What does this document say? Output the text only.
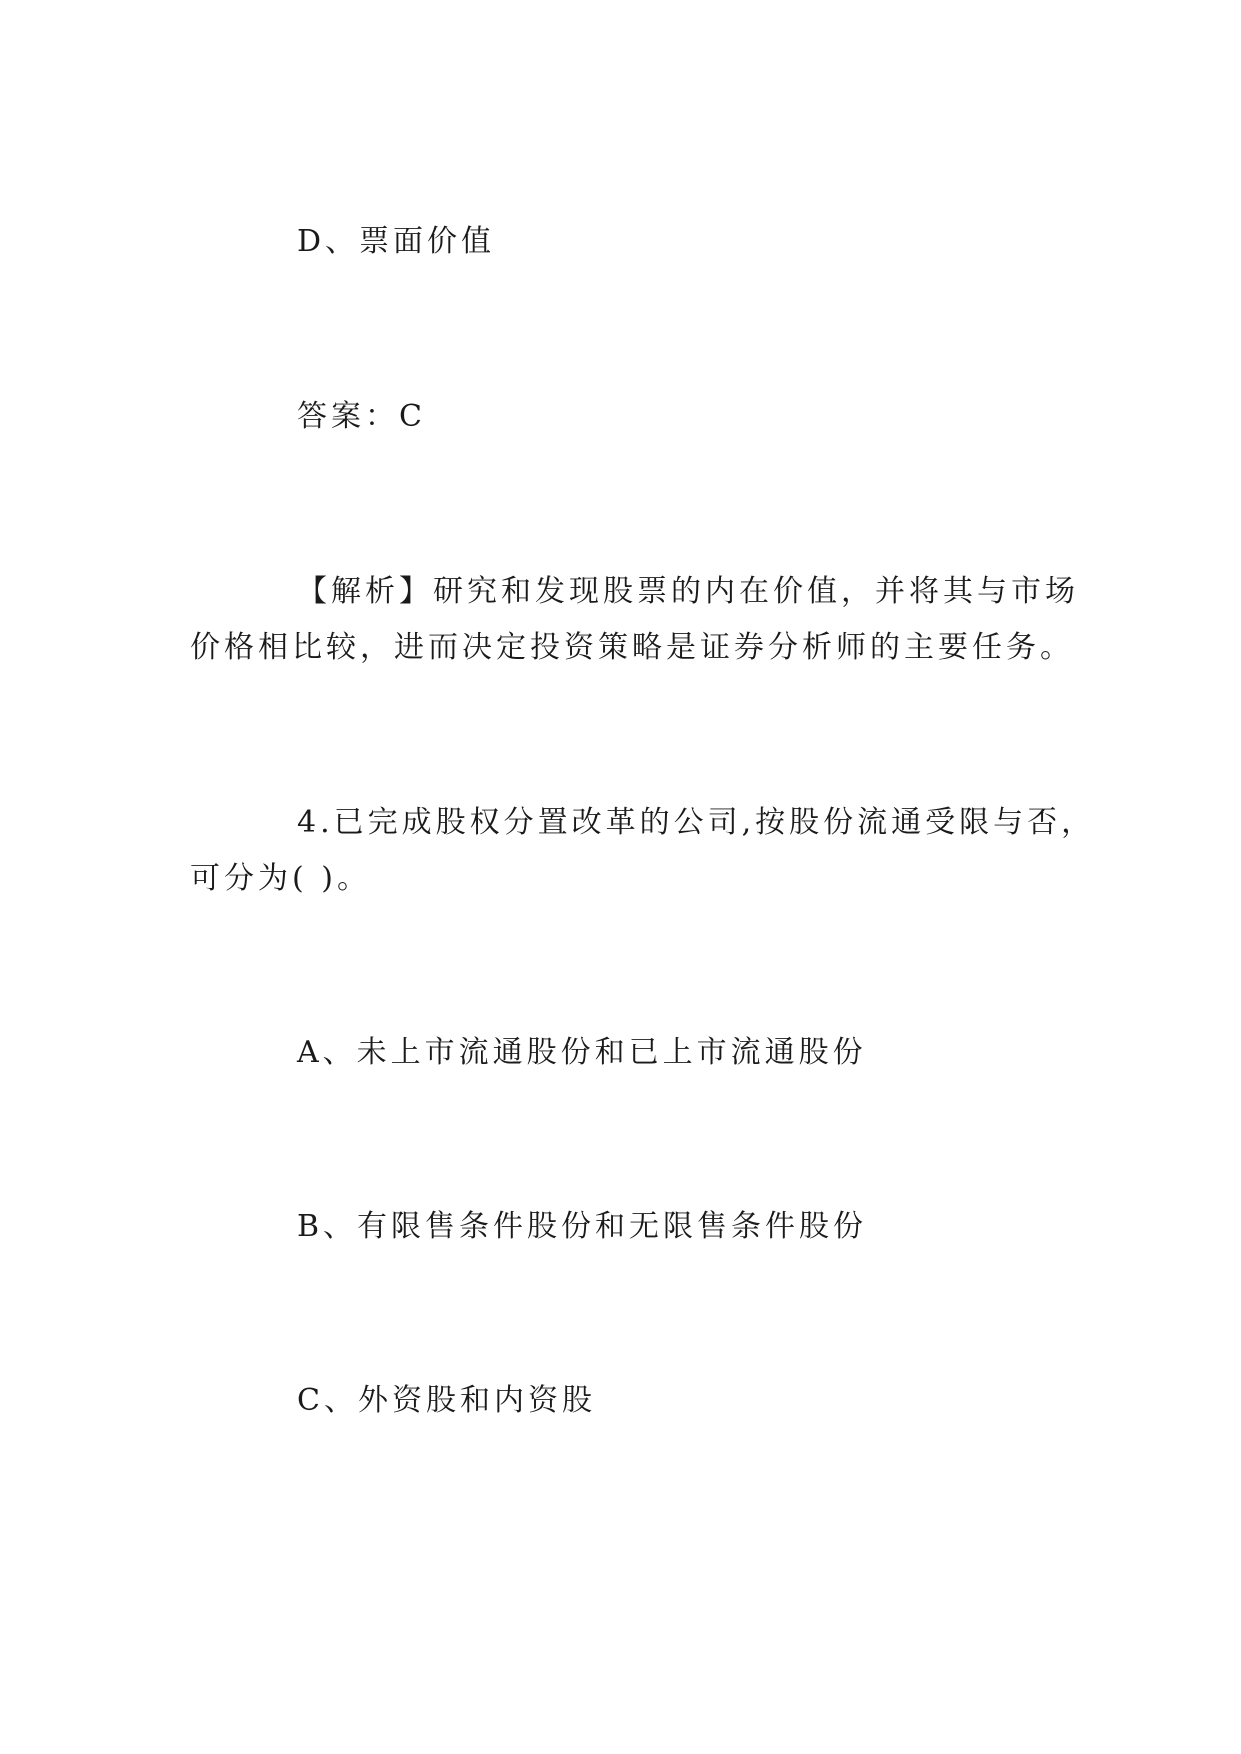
D、票面价值
答案：C
【解析】研究和发现股票的内在价值，并将其与市场
价格相比较，进而决定投资策略是证券分析师的主要任务。
4.已完成股权分置改革的公司,按股份流通受限与否，
可分为( )。
A、未上市流通股份和已上市流通股份
B、有限售条件股份和无限售条件股份
C、外资股和内资股
